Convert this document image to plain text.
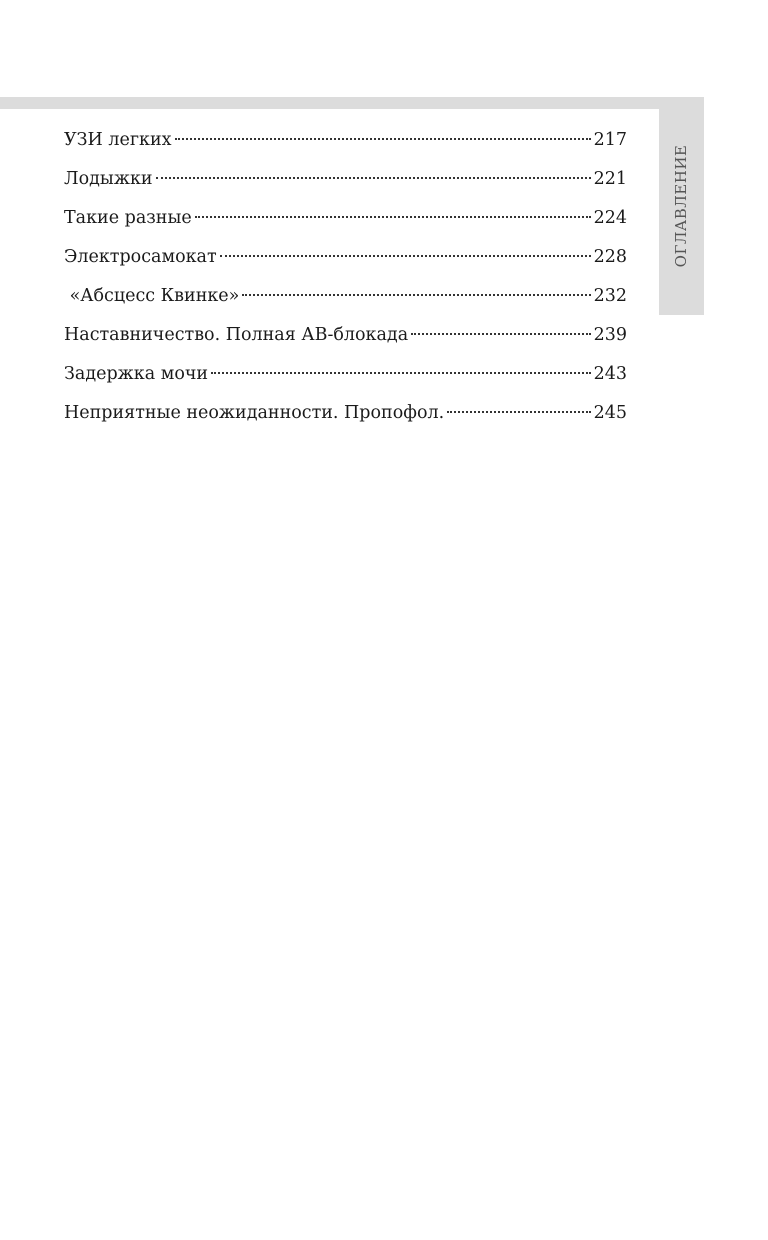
ОГЛАВЛЕНИЕ
УЗИ легких	217
Лодыжки	221
Такие разные	224
Электросамокат	228
«Абсцесс Квинке»	232
Наставничество. Полная АВ-блокада	239
Задержка мочи	243
Неприятные неожиданности. Пропофол.	245
